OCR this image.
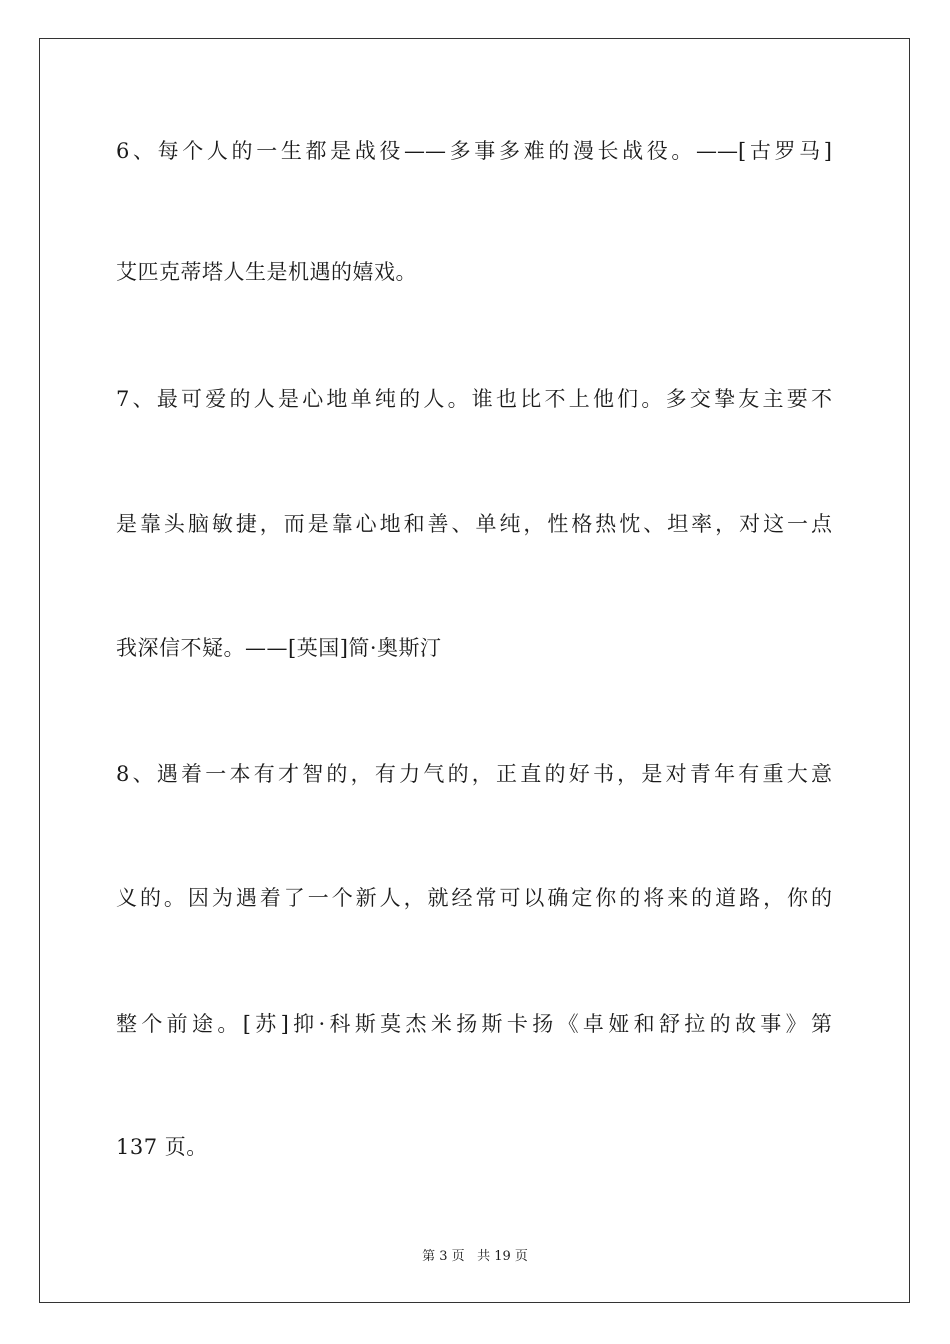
6、每个人的一生都是战役——多事多难的漫长战役。——[古罗马]
艾匹克蒂塔人生是机遇的嬉戏。
7、最可爱的人是心地单纯的人。谁也比不上他们。多交挚友主要不
是靠头脑敏捷，而是靠心地和善、单纯，性格热忱、坦率，对这一点
我深信不疑。——[英国]简·奥斯汀
8、遇着一本有才智的，有力气的，正直的好书，是对青年有重大意
义的。因为遇着了一个新人，就经常可以确定你的将来的道路，你的
整个前途。[苏]抑·科斯莫杰米扬斯卡扬《卓娅和舒拉的故事》第
137 页。
第 3 页 共 19 页
